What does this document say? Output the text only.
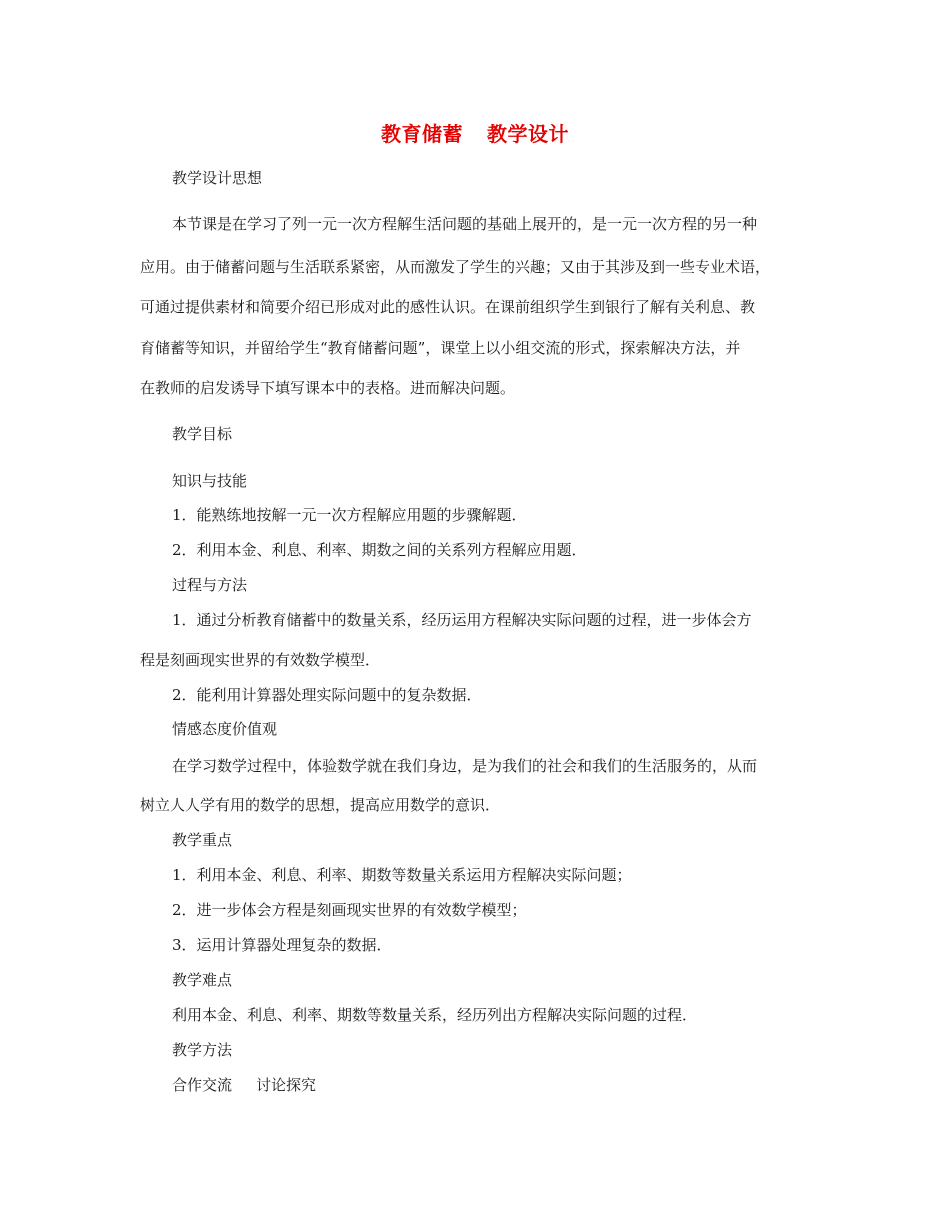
教育储蓄 教学设计
教学设计思想
本节课是在学习了列一元一次方程解生活问题的基础上展开的，是一元一次方程的另一种
应用。由于储蓄问题与生活联系紧密，从而激发了学生的兴趣；又由于其涉及到一些专业术语，
可通过提供素材和简要介绍已形成对此的感性认识。在课前组织学生到银行了解有关利息、教
育储蓄等知识，并留给学生“教育储蓄问题”，课堂上以小组交流的形式，探索解决方法，并
在教师的启发诱导下填写课本中的表格。进而解决问题。
教学目标
知识与技能
1．能熟练地按解一元一次方程解应用题的步骤解题．
2．利用本金、利息、利率、期数之间的关系列方程解应用题．
过程与方法
1．通过分析教育储蓄中的数量关系，经历运用方程解决实际问题的过程，进一步体会方
程是刻画现实世界的有效数学模型．
2．能利用计算器处理实际问题中的复杂数据．
情感态度价值观
在学习数学过程中，体验数学就在我们身边，是为我们的社会和我们的生活服务的，从而
树立人人学有用的数学的思想，提高应用数学的意识．
教学重点
1．利用本金、利息、利率、期数等数量关系运用方程解决实际问题；
2．进一步体会方程是刻画现实世界的有效数学模型；
3．运用计算器处理复杂的数据．
教学难点
利用本金、利息、利率、期数等数量关系，经历列出方程解决实际问题的过程．
教学方法
合作交流 讨论探究
